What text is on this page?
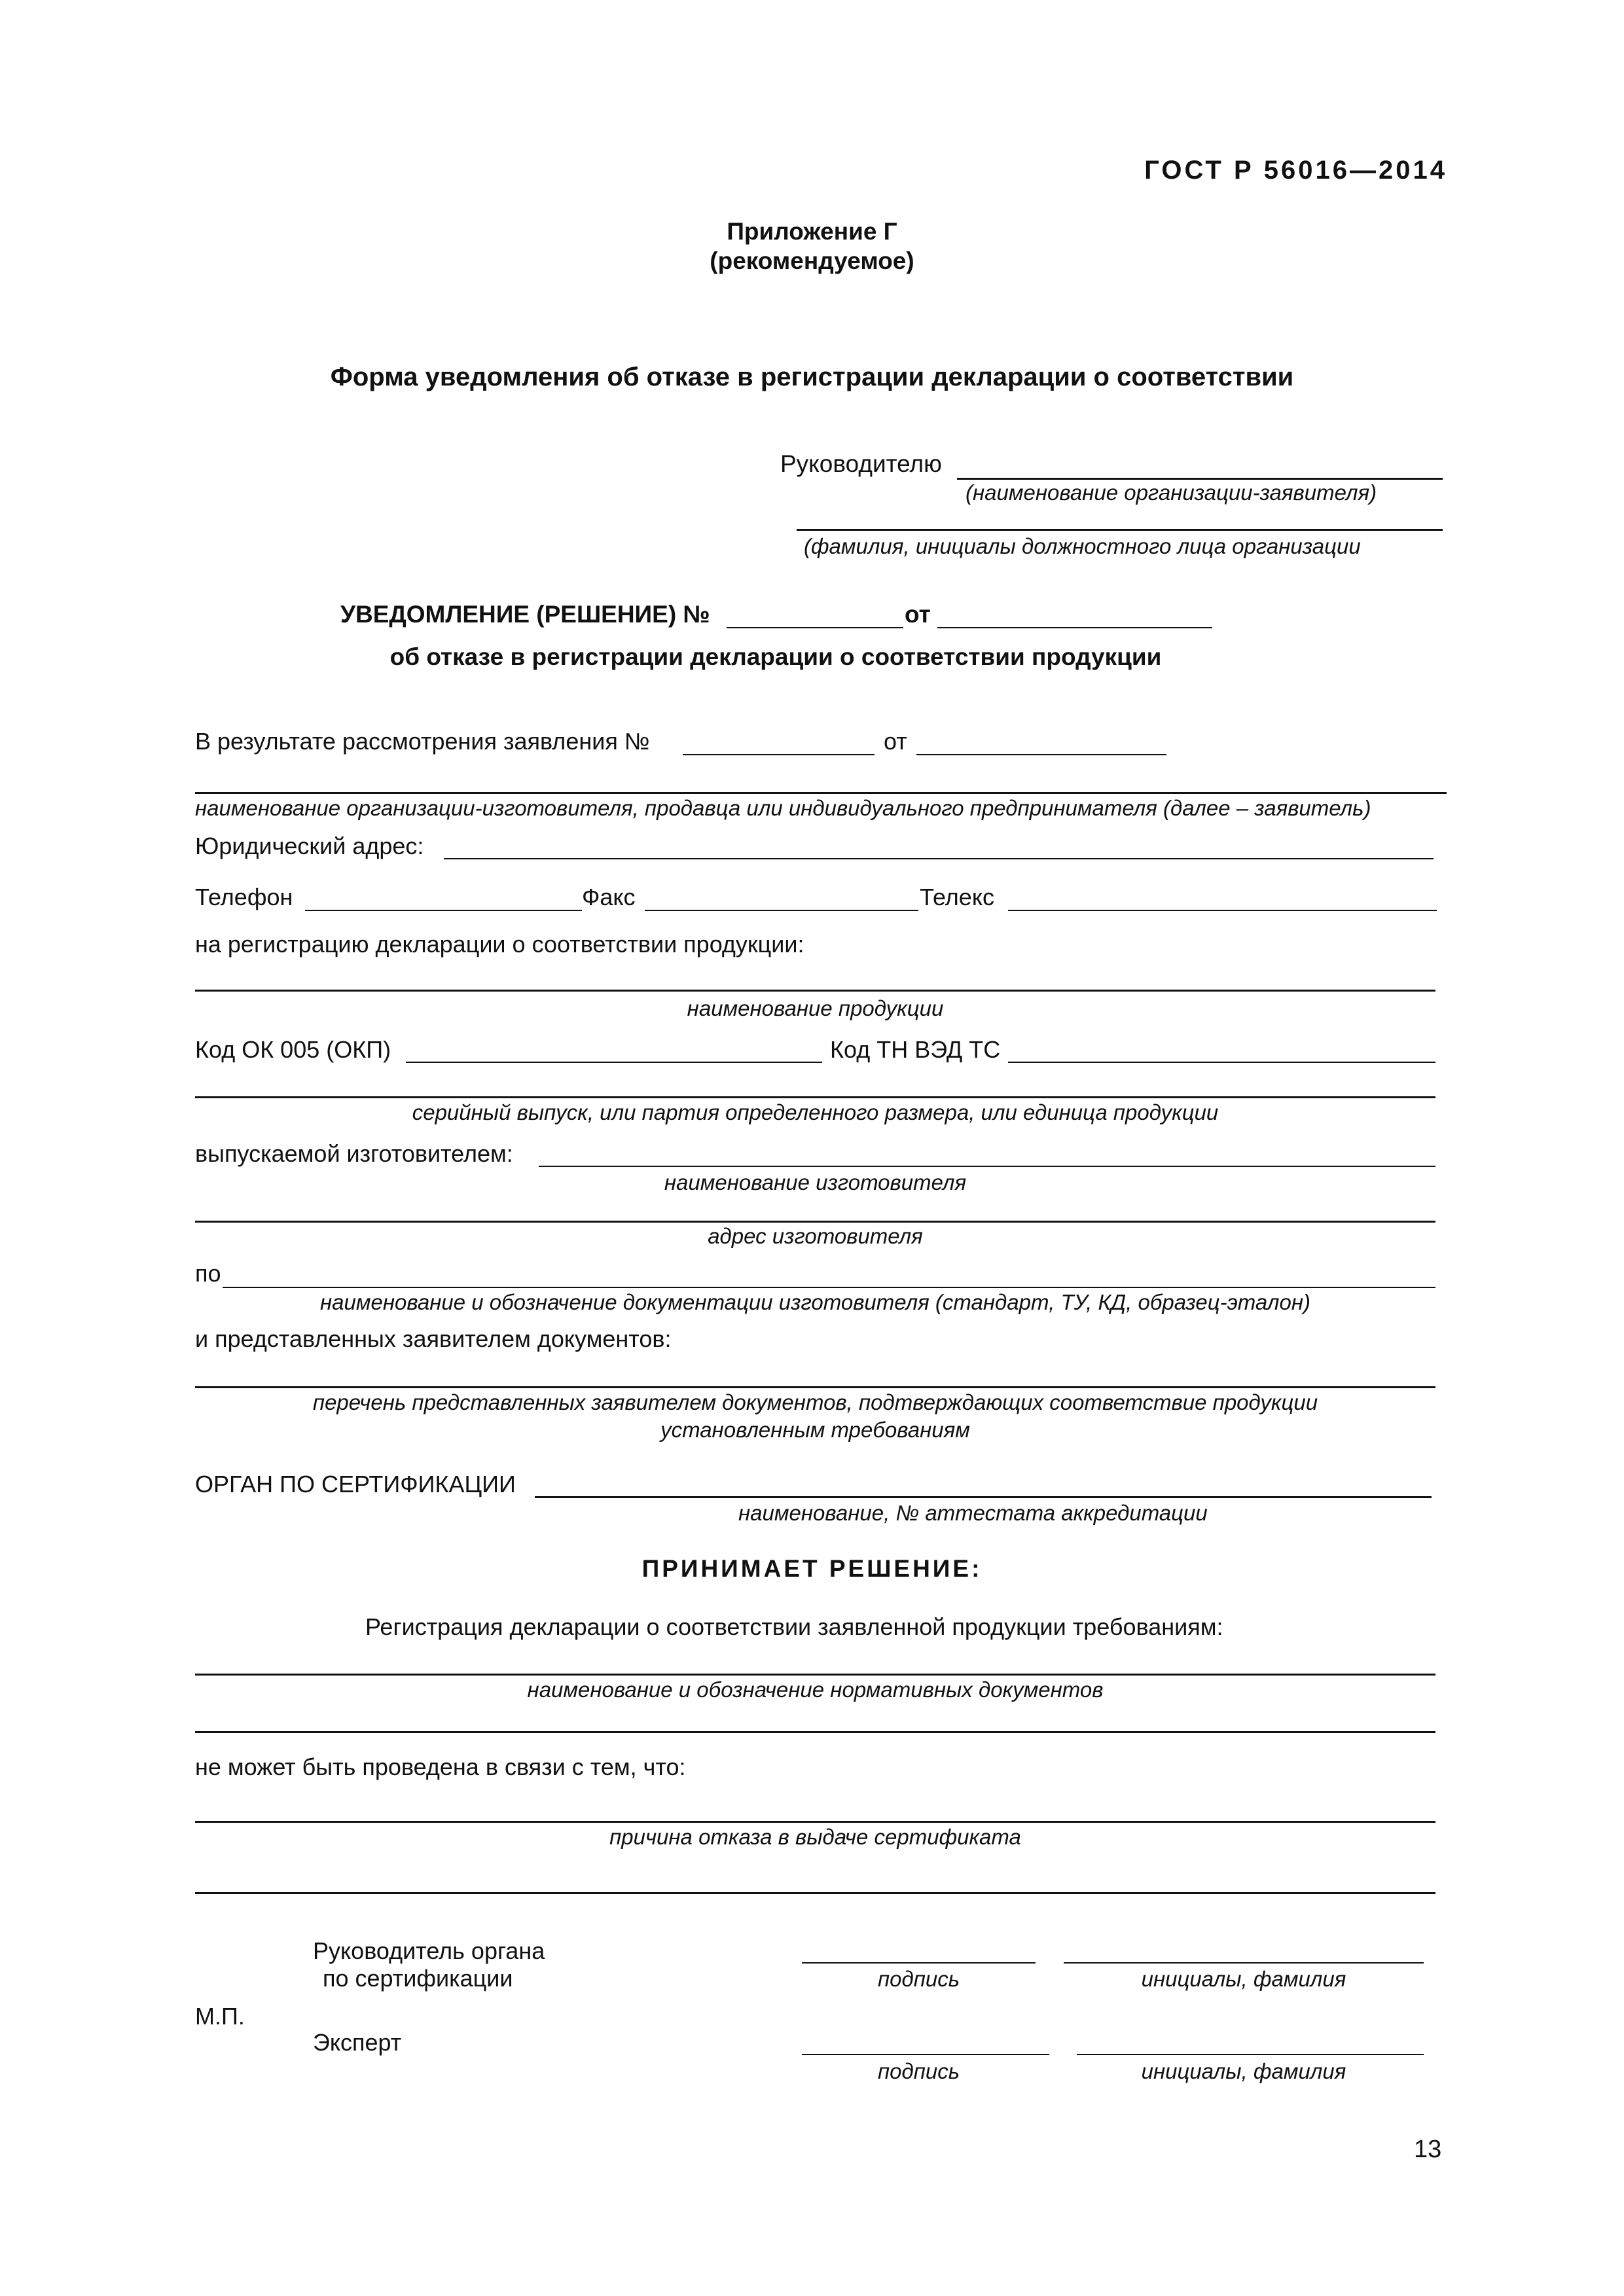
ГОСТ Р 56016—2014
Приложение Г
(рекомендуемое)
Форма уведомления об отказе в регистрации декларации о соответствии
Руководителю
(наименование организации-заявителя)
(фамилия, инициалы должностного лица организации
УВЕДОМЛЕНИЕ (РЕШЕНИЕ) №	от
об отказе в регистрации декларации о соответствии продукции
В результате рассмотрения заявления №	от
наименование организации-изготовителя, продавца или индивидуального предпринимателя (далее – заявитель)
Юридический адрес:
Телефон	Факс	Телекс
на регистрацию декларации о соответствии продукции:
наименование продукции
Код ОК 005 (ОКП)	Код ТН ВЭД ТС
серийный выпуск, или партия определенного размера, или единица продукции
выпускаемой изготовителем:
наименование изготовителя
адрес изготовителя
по
наименование и обозначение документации изготовителя (стандарт, ТУ, КД, образец-эталон)
и представленных заявителем документов:
перечень представленных заявителем документов, подтверждающих соответствие продукции
установленным требованиям
ОРГАН ПО СЕРТИФИКАЦИИ
наименование, № аттестата аккредитации
ПРИНИМАЕТ РЕШЕНИЕ:
Регистрация декларации о соответствии заявленной продукции требованиям:
наименование и обозначение нормативных документов
не может быть проведена в связи с тем, что:
причина отказа в выдаче сертификата
Руководитель органа
по сертификации	подпись	инициалы, фамилия
М.П.
Эксперт
подпись	инициалы, фамилия
13
